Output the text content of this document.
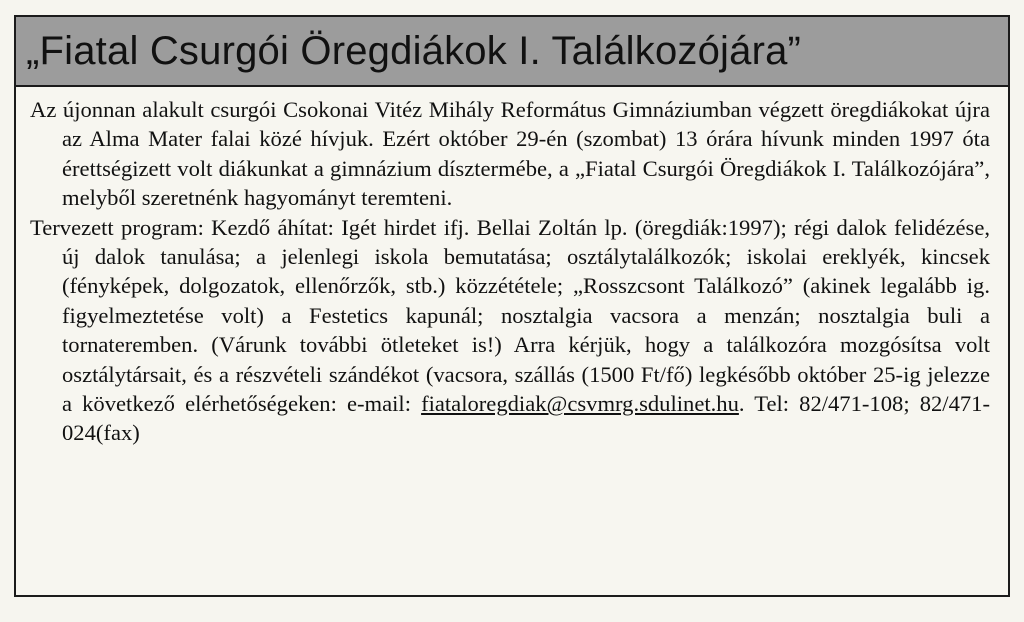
„Fiatal Csurgói Öregdiákok I. Találkozójára”

Az újonnan alakult csurgói Csokonai Vitéz Mihály Református Gimnáziumban végzett öregdiákokat újra az Alma Mater falai közé hívjuk. Ezért október 29-én (szombat) 13 órára hívunk minden 1997 óta érettségizett volt diákunkat a gimnázium dísztermébe, a „Fiatal Csurgói Öregdiákok I. Találkozójára”, melyből szeretnénk hagyományt teremteni.

Tervezett program: Kezdő áhítat: Igét hirdet ifj. Bellai Zoltán lp. (öregdiák:1997); régi dalok felidézése, új dalok tanulása; a jelenlegi iskola bemutatása; osztálytalálkozók; iskolai ereklyék, kincsek (fényképek, dolgozatok, ellenőrzők, stb.) közzététele; „Rosszcsont Találkozó” (akinek legalább ig. figyelmeztetése volt) a Festetics kapunál; nosztalgia vacsora a menzán; nosztalgia buli a tornateremben. (Várunk további ötleteket is!) Arra kérjük, hogy a találkozóra mozgósítsa volt osztálytársait, és a részvételi szándékot (vacsora, szállás (1500 Ft/fő) legkésőbb október 25-ig jelezze a következő elérhetőségeken: e-mail: fiataloregdiak@csvmrg.sdulinet.hu. Tel: 82/471-108; 82/471-024(fax)
